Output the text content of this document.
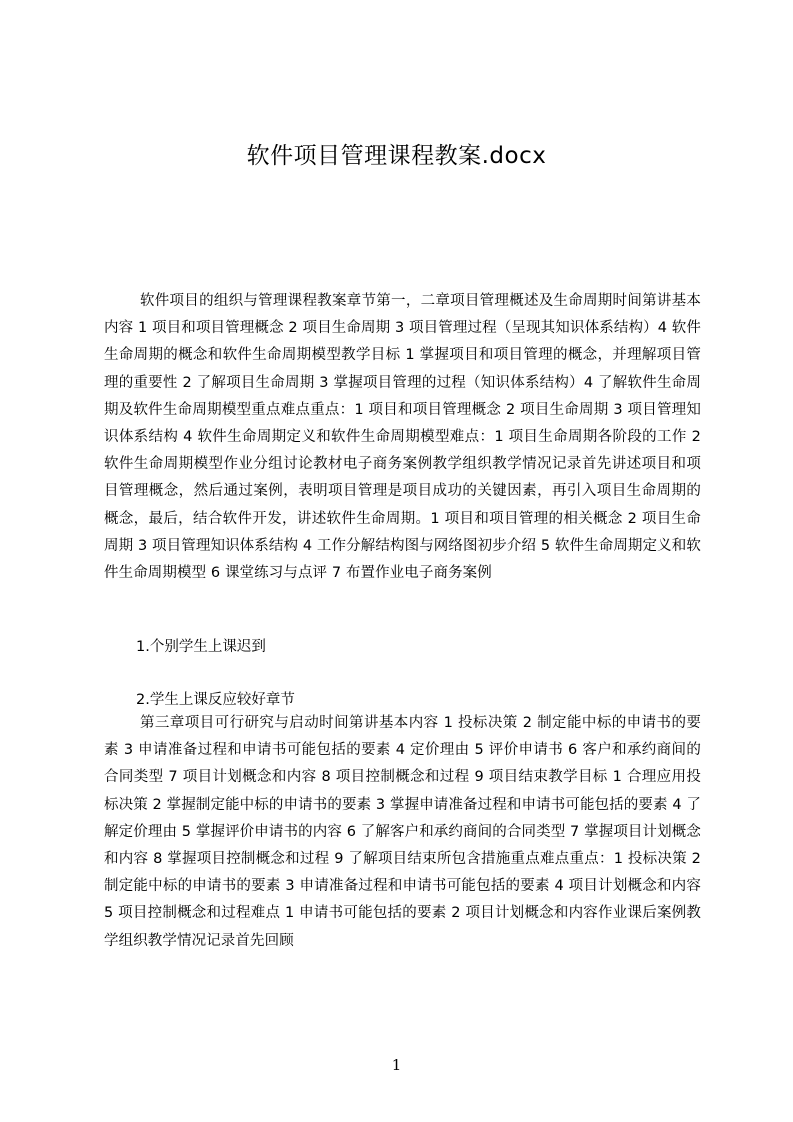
软件项目管理课程教案.docx

软件项目的组织与管理课程教案章节第一，二章项目管理概述及生命周期时间第讲基本内容 1 项目和项目管理概念 2 项目生命周期 3 项目管理过程（呈现其知识体系结构）4 软件生命周期的概念和软件生命周期模型教学目标 1 掌握项目和项目管理的概念，并理解项目管理的重要性 2 了解项目生命周期 3 掌握项目管理的过程（知识体系结构）4 了解软件生命周期及软件生命周期模型重点难点重点：1 项目和项目管理概念 2 项目生命周期 3 项目管理知识体系结构 4 软件生命周期定义和软件生命周期模型难点：1 项目生命周期各阶段的工作 2 软件生命周期模型作业分组讨论教材电子商务案例教学组织教学情况记录首先讲述项目和项目管理概念，然后通过案例，表明项目管理是项目成功的关键因素，再引入项目生命周期的概念，最后，结合软件开发，讲述软件生命周期。1 项目和项目管理的相关概念 2 项目生命周期 3 项目管理知识体系结构 4 工作分解结构图与网络图初步介绍 5 软件生命周期定义和软件生命周期模型 6 课堂练习与点评 7 布置作业电子商务案例

1.个别学生上课迟到

2.学生上课反应较好章节

第三章项目可行研究与启动时间第讲基本内容 1 投标决策 2 制定能中标的申请书的要素 3 申请准备过程和申请书可能包括的要素 4 定价理由 5 评价申请书 6 客户和承约商间的合同类型 7 项目计划概念和内容 8 项目控制概念和过程 9 项目结束教学目标 1 合理应用投标决策 2 掌握制定能中标的申请书的要素 3 掌握申请准备过程和申请书可能包括的要素 4 了解定价理由 5 掌握评价申请书的内容 6 了解客户和承约商间的合同类型 7 掌握项目计划概念和内容 8 掌握项目控制概念和过程 9 了解项目结束所包含措施重点难点重点：1 投标决策 2 制定能中标的申请书的要素 3 申请准备过程和申请书可能包括的要素 4 项目计划概念和内容 5 项目控制概念和过程难点 1 申请书可能包括的要素 2 项目计划概念和内容作业课后案例教学组织教学情况记录首先回顾

1
